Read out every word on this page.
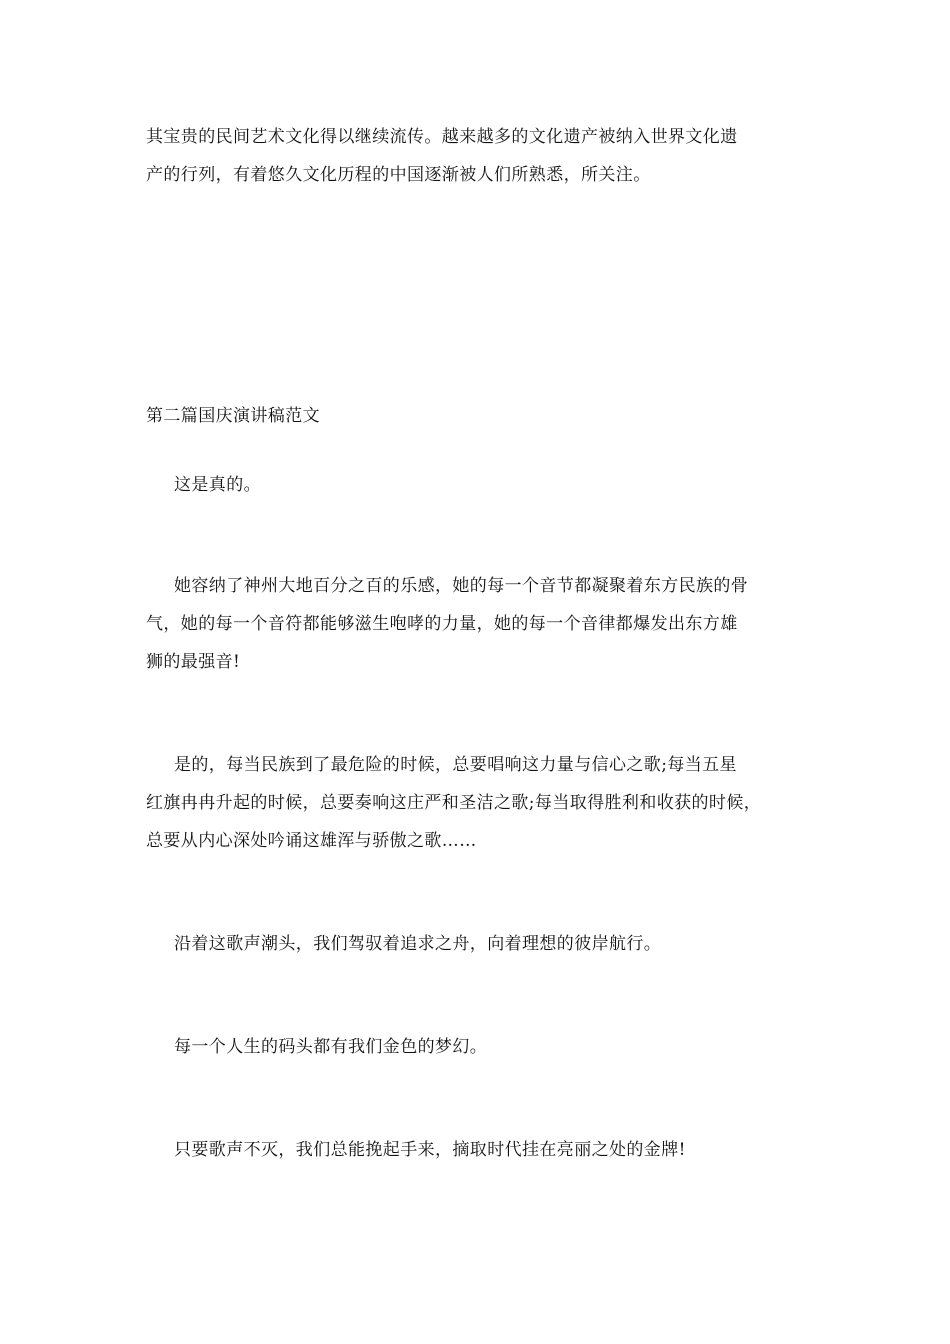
其宝贵的民间艺术文化得以继续流传。越来越多的文化遗产被纳入世界文化遗
产的行列，有着悠久文化历程的中国逐渐被人们所熟悉，所关注。
第二篇国庆演讲稿范文
这是真的。
她容纳了神州大地百分之百的乐感，她的每一个音节都凝聚着东方民族的骨
气，她的每一个音符都能够滋生咆哮的力量，她的每一个音律都爆发出东方雄
狮的最强音!
是的，每当民族到了最危险的时候，总要唱响这力量与信心之歌;每当五星
红旗冉冉升起的时候，总要奏响这庄严和圣洁之歌;每当取得胜利和收获的时候，
总要从内心深处吟诵这雄浑与骄傲之歌……
沿着这歌声潮头，我们驾驭着追求之舟，向着理想的彼岸航行。
每一个人生的码头都有我们金色的梦幻。
只要歌声不灭，我们总能挽起手来，摘取时代挂在亮丽之处的金牌!
